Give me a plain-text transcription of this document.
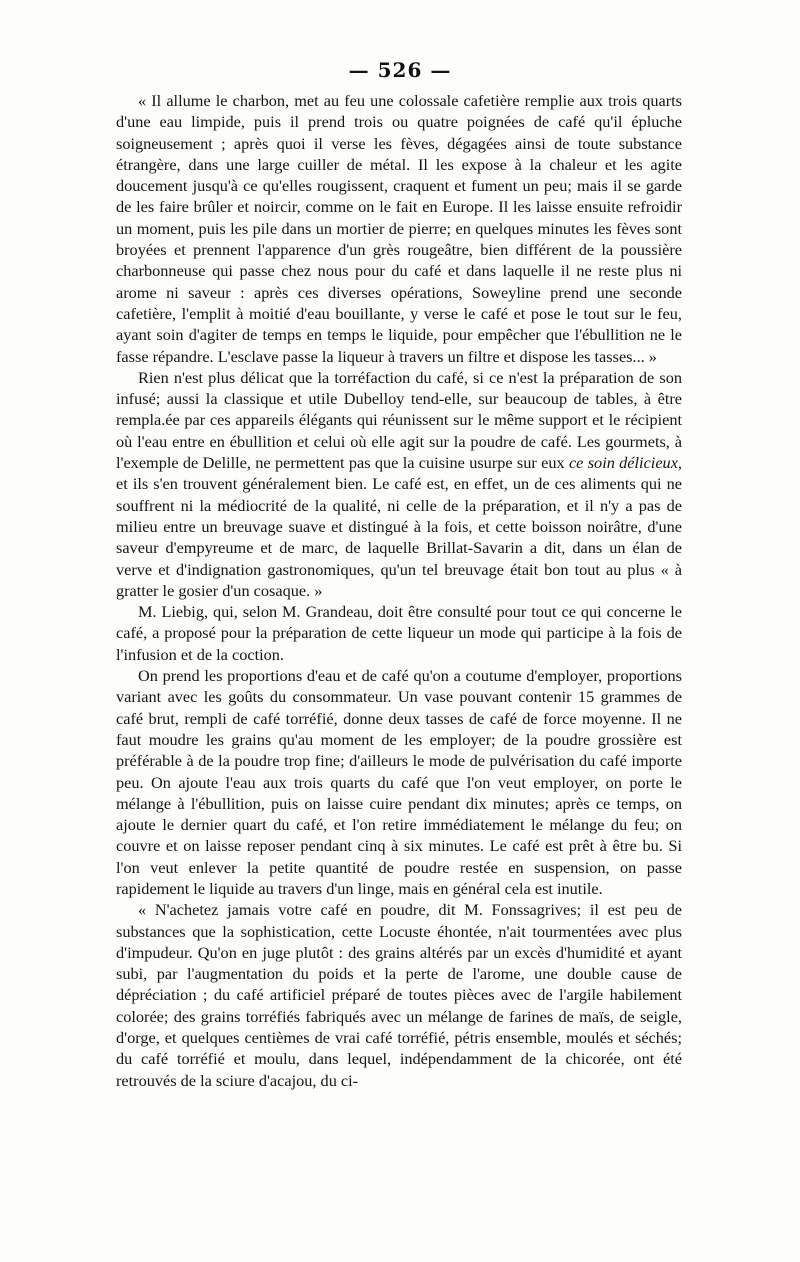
— 526 —

« Il allume le charbon, met au feu une colossale cafetière remplie aux trois quarts d'une eau limpide, puis il prend trois ou quatre poignées de café qu'il épluche soigneusement ; après quoi il verse les fèves, dégagées ainsi de toute substance étrangère, dans une large cuiller de métal. Il les expose à la chaleur et les agite doucement jusqu'à ce qu'elles rougissent, craquent et fument un peu; mais il se garde de les faire brûler et noircir, comme on le fait en Europe. Il les laisse ensuite refroidir un moment, puis les pile dans un mortier de pierre; en quelques minutes les fèves sont broyées et prennent l'apparence d'un grès rougeâtre, bien différent de la poussière charbonneuse qui passe chez nous pour du café et dans laquelle il ne reste plus ni arome ni saveur : après ces diverses opérations, Soweyline prend une seconde cafetière, l'emplit à moitié d'eau bouillante, y verse le café et pose le tout sur le feu, ayant soin d'agiter de temps en temps le liquide, pour empêcher que l'ébullition ne le fasse répandre. L'esclave passe la liqueur à travers un filtre et dispose les tasses... »

Rien n'est plus délicat que la torréfaction du café, si ce n'est la préparation de son infusé; aussi la classique et utile Dubelloy tend-elle, sur beaucoup de tables, à être rempla.ée par ces appareils élégants qui réunissent sur le même support et le récipient où l'eau entre en ébullition et celui où elle agit sur la poudre de café. Les gourmets, à l'exemple de Delille, ne permettent pas que la cuisine usurpe sur eux ce soin délicieux, et ils s'en trouvent généralement bien. Le café est, en effet, un de ces aliments qui ne souffrent ni la médiocrité de la qualité, ni celle de la préparation, et il n'y a pas de milieu entre un breuvage suave et distingué à la fois, et cette boisson noirâtre, d'une saveur d'empyreume et de marc, de laquelle Brillat-Savarin a dit, dans un élan de verve et d'indignation gastronomiques, qu'un tel breuvage était bon tout au plus « à gratter le gosier d'un cosaque. »

M. Liebig, qui, selon M. Grandeau, doit être consulté pour tout ce qui concerne le café, a proposé pour la préparation de cette liqueur un mode qui participe à la fois de l'infusion et de la coction.

On prend les proportions d'eau et de café qu'on a coutume d'employer, proportions variant avec les goûts du consommateur. Un vase pouvant contenir 15 grammes de café brut, rempli de café torréfié, donne deux tasses de café de force moyenne. Il ne faut moudre les grains qu'au moment de les employer; de la poudre grossière est préférable à de la poudre trop fine; d'ailleurs le mode de pulvérisation du café importe peu. On ajoute l'eau aux trois quarts du café que l'on veut employer, on porte le mélange à l'ébullition, puis on laisse cuire pendant dix minutes; après ce temps, on ajoute le dernier quart du café, et l'on retire immédiatement le mélange du feu; on couvre et on laisse reposer pendant cinq à six minutes. Le café est prêt à être bu. Si l'on veut enlever la petite quantité de poudre restée en suspension, on passe rapidement le liquide au travers d'un linge, mais en général cela est inutile.

« N'achetez jamais votre café en poudre, dit M. Fonssagrives; il est peu de substances que la sophistication, cette Locuste éhontée, n'ait tourmentées avec plus d'impudeur. Qu'on en juge plutôt : des grains altérés par un excès d'humidité et ayant subi, par l'augmentation du poids et la perte de l'arome, une double cause de dépréciation ; du café artificiel préparé de toutes pièces avec de l'argile habilement colorée; des grains torréfiés fabriqués avec un mélange de farines de maïs, de seigle, d'orge, et quelques centièmes de vrai café torréfié, pétris ensemble, moulés et séchés; du café torréfié et moulu, dans lequel, indépendamment de la chicorée, ont été retrouvés de la sciure d'acajou, du ci-
